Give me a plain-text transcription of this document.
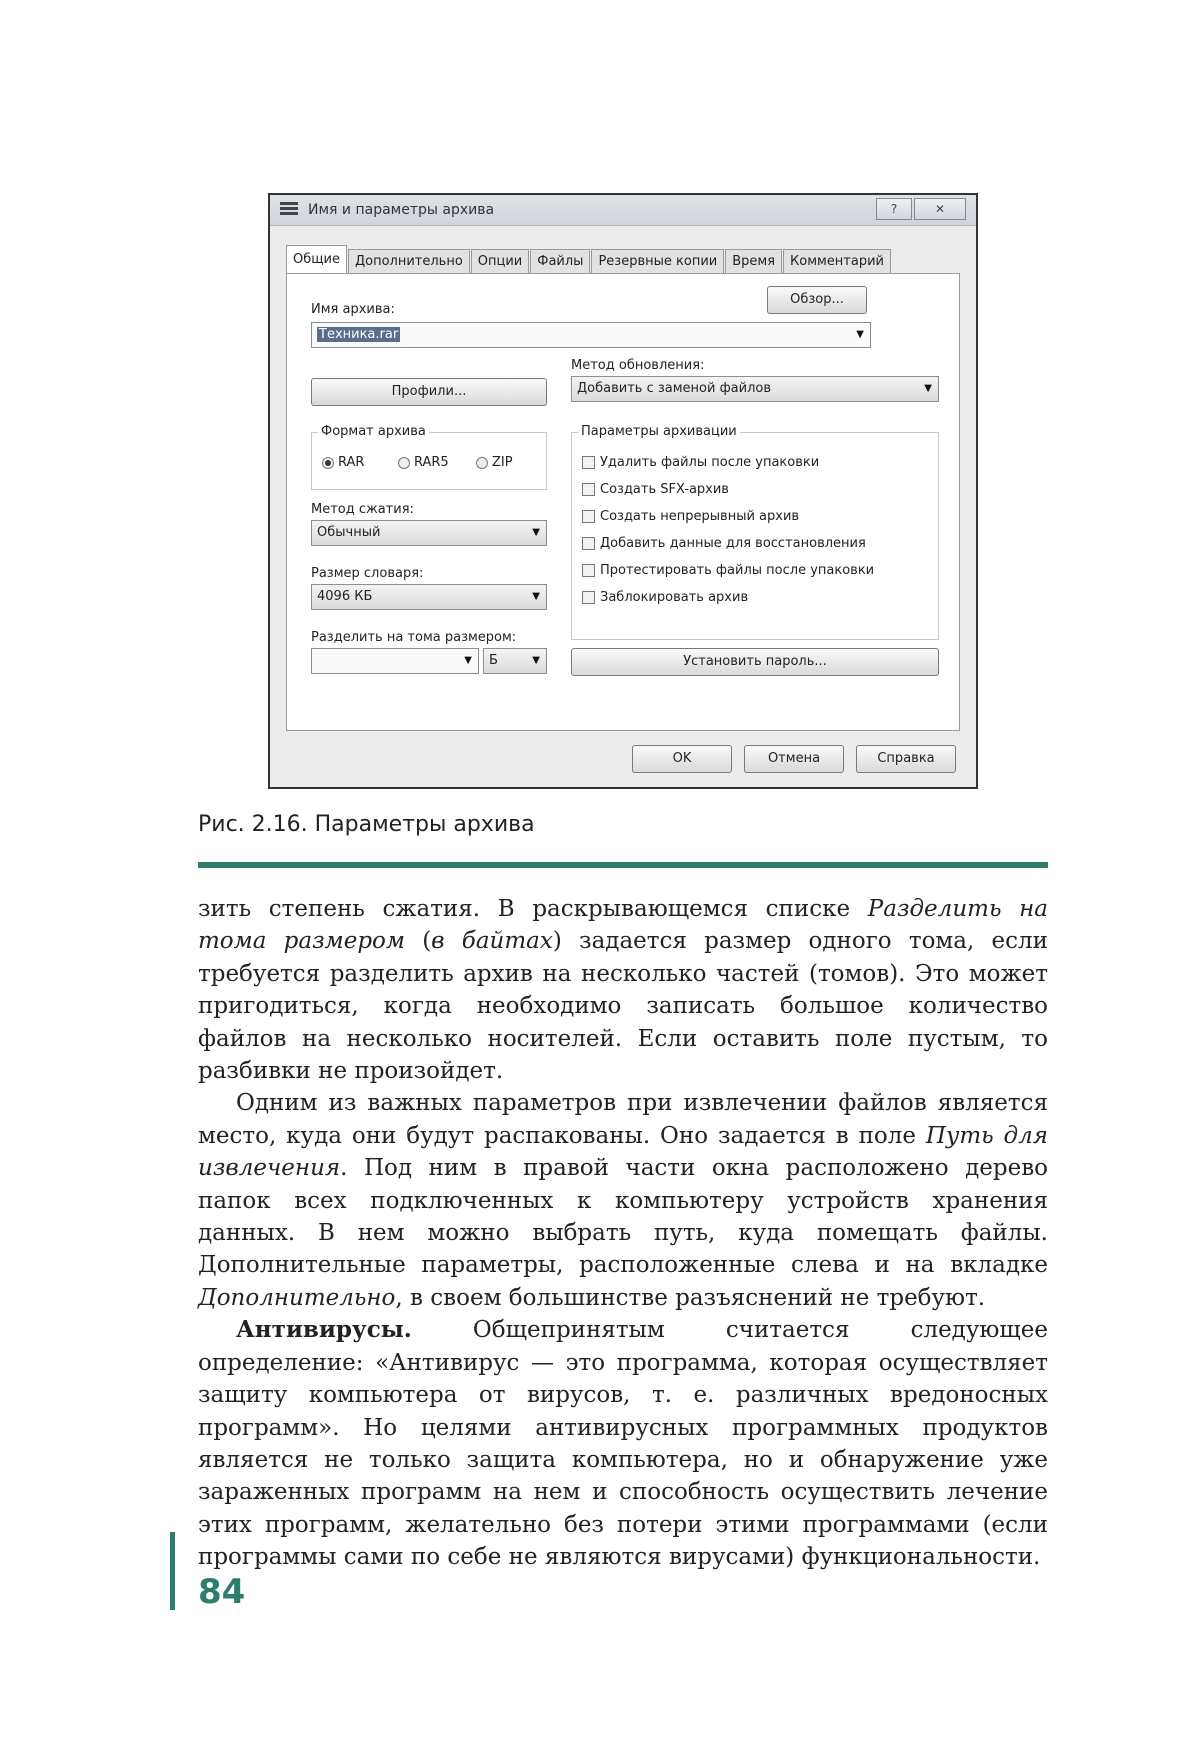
Имя и параметры архива	?	✕
Общие	Дополнительно	Опции	Файлы	Резервные копии	Время	Комментарий
Имя архива:
Обзор...
Техника.rar	▼
Метод обновления:
Добавить с заменой файлов	▼
Профили...
Формат архива
RAR	RAR5	ZIP
Метод сжатия:
Обычный	▼
Размер словаря:
4096 КБ	▼
Разделить на тома размером:
▼	Б	▼
Параметры архивации
Удалить файлы после упаковки
Создать SFX-архив
Создать непрерывный архив
Добавить данные для восстановления
Протестировать файлы после упаковки
Заблокировать архив
Установить пароль...
OK	Отмена	Справка
Рис. 2.16. Параметры архива

зить степень сжатия. В раскрывающемся списке Разделить на тома размером (в байтах) задается размер одного тома, если требуется разделить архив на несколько частей (томов). Это может пригодиться, когда необходимо записать большое количество файлов на несколько носителей. Если оставить поле пустым, то разбивки не произойдет.

Одним из важных параметров при извлечении файлов является место, куда они будут распакованы. Оно задается в поле Путь для извлечения. Под ним в правой части окна расположено дерево папок всех подключенных к компьютеру устройств хранения данных. В нем можно выбрать путь, куда помещать файлы. Дополнительные параметры, расположенные слева и на вкладке Дополнительно, в своем большинстве разъяснений не требуют.

Антивирусы. Общепринятым считается следующее определение: «Антивирус — это программа, которая осуществляет защиту компьютера от вирусов, т. е. различных вредоносных программ». Но целями антивирусных программных продуктов является не только защита компьютера, но и обнаружение уже зараженных программ на нем и способность осуществить лечение этих программ, желательно без потери этими программами (если программы сами по себе не являются вирусами) функциональности.

84
